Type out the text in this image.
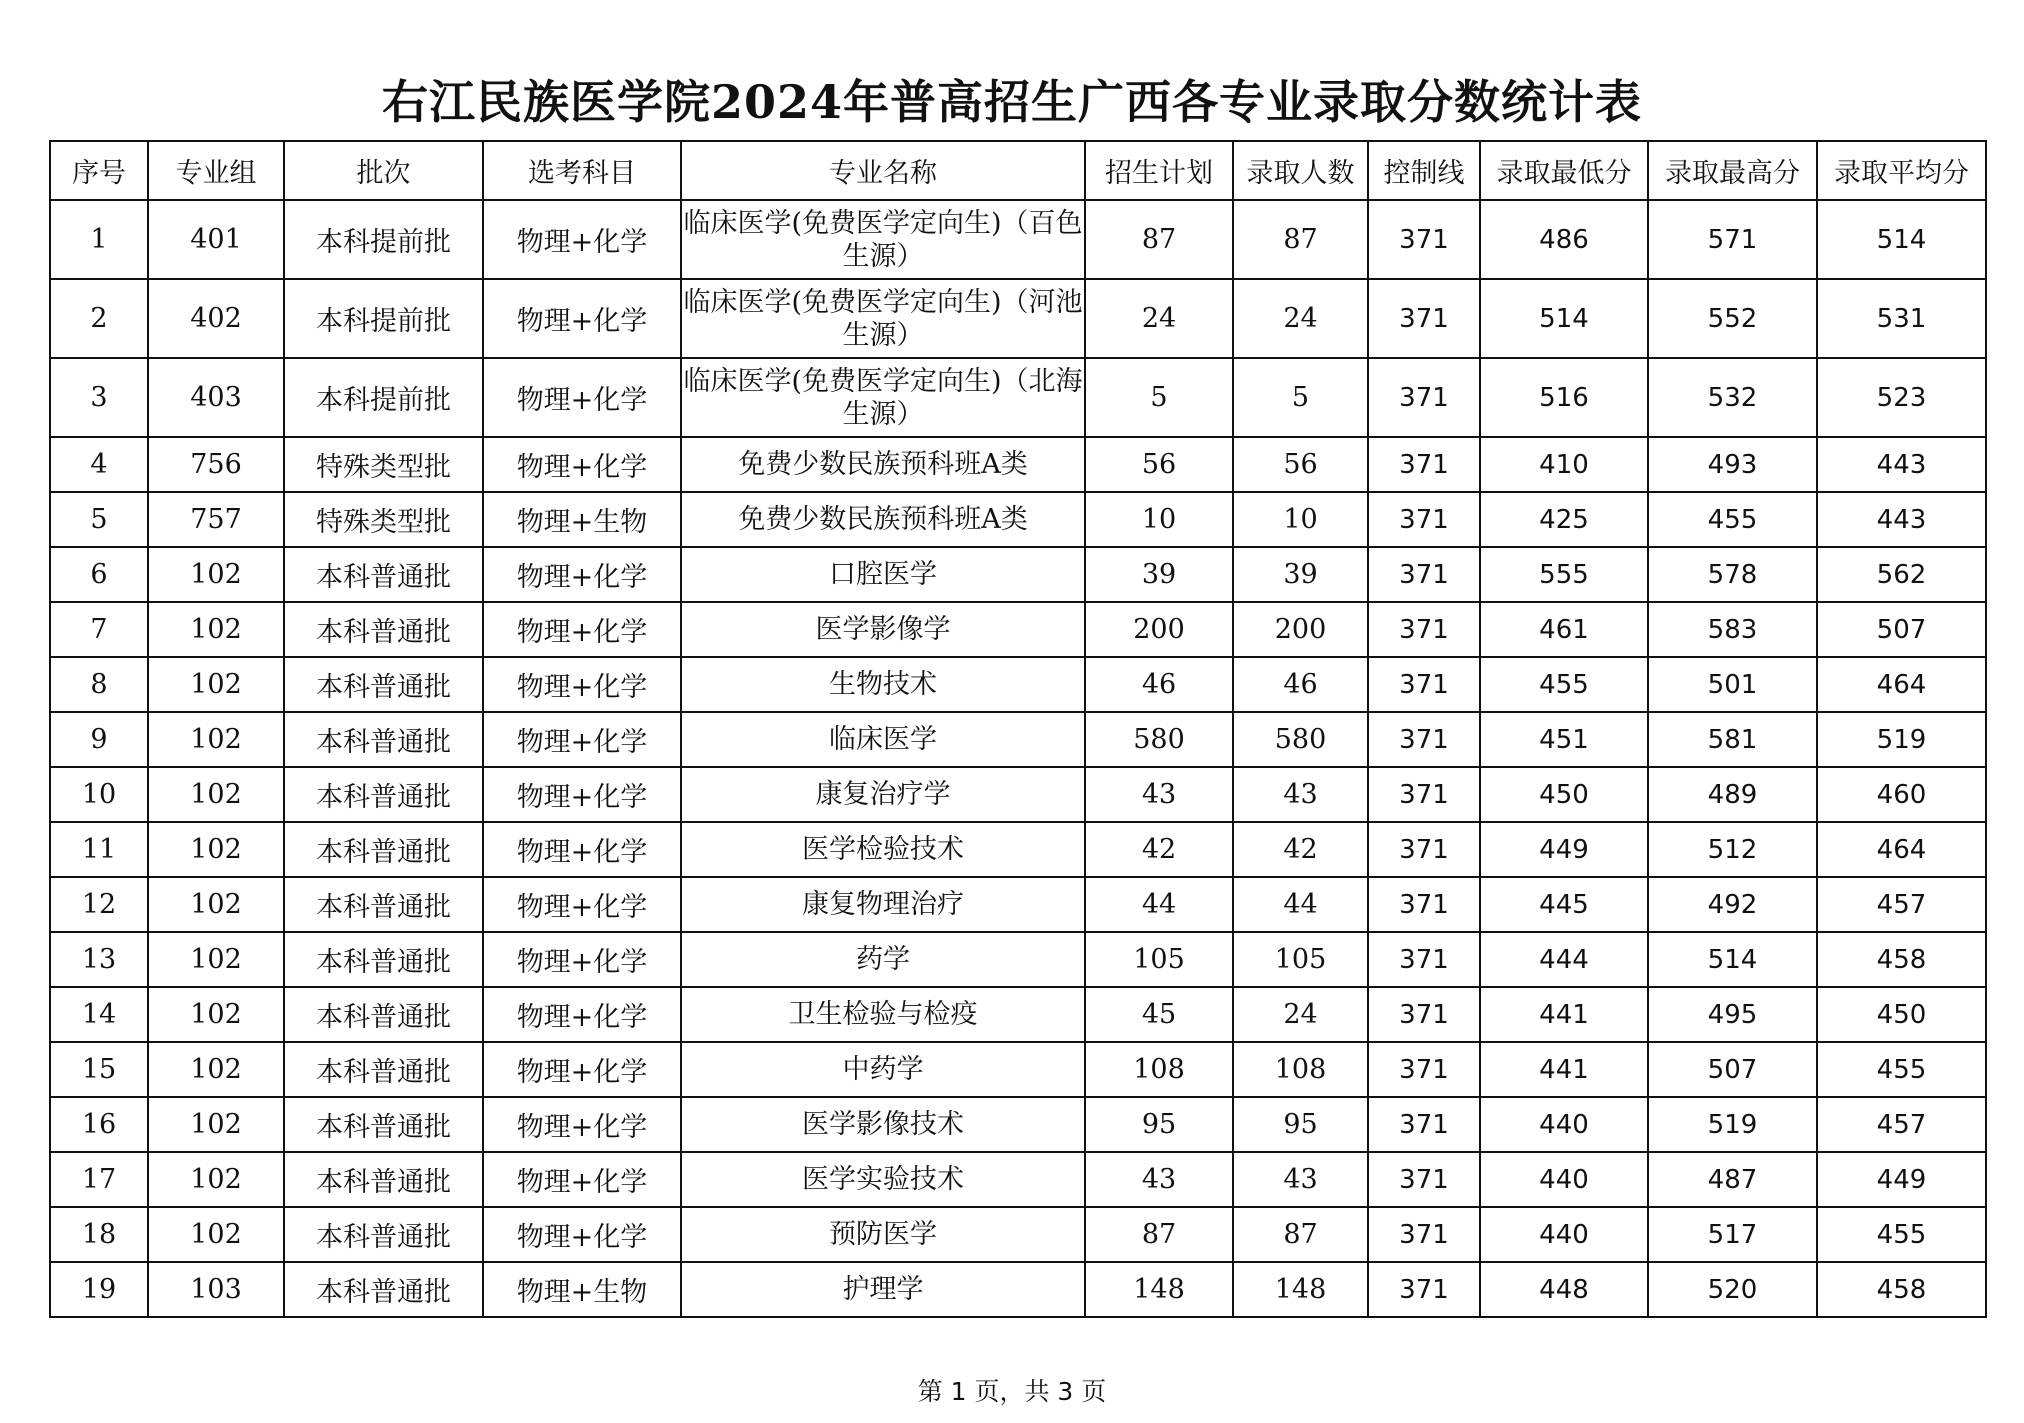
右江民族医学院2024年普高招生广西各专业录取分数统计表
序号	专业组	批次	选考科目	专业名称	招生计划	录取人数	控制线	录取最低分	录取最高分	录取平均分
1	401	本科提前批	物理+化学	临床医学(免费医学定向生)（百色生源）	87	87	371	486	571	514
2	402	本科提前批	物理+化学	临床医学(免费医学定向生)（河池生源）	24	24	371	514	552	531
3	403	本科提前批	物理+化学	临床医学(免费医学定向生)（北海生源）	5	5	371	516	532	523
4	756	特殊类型批	物理+化学	免费少数民族预科班A类	56	56	371	410	493	443
5	757	特殊类型批	物理+生物	免费少数民族预科班A类	10	10	371	425	455	443
6	102	本科普通批	物理+化学	口腔医学	39	39	371	555	578	562
7	102	本科普通批	物理+化学	医学影像学	200	200	371	461	583	507
8	102	本科普通批	物理+化学	生物技术	46	46	371	455	501	464
9	102	本科普通批	物理+化学	临床医学	580	580	371	451	581	519
10	102	本科普通批	物理+化学	康复治疗学	43	43	371	450	489	460
11	102	本科普通批	物理+化学	医学检验技术	42	42	371	449	512	464
12	102	本科普通批	物理+化学	康复物理治疗	44	44	371	445	492	457
13	102	本科普通批	物理+化学	药学	105	105	371	444	514	458
14	102	本科普通批	物理+化学	卫生检验与检疫	45	24	371	441	495	450
15	102	本科普通批	物理+化学	中药学	108	108	371	441	507	455
16	102	本科普通批	物理+化学	医学影像技术	95	95	371	440	519	457
17	102	本科普通批	物理+化学	医学实验技术	43	43	371	440	487	449
18	102	本科普通批	物理+化学	预防医学	87	87	371	440	517	455
19	103	本科普通批	物理+生物	护理学	148	148	371	448	520	458
第 1 页，共 3 页
